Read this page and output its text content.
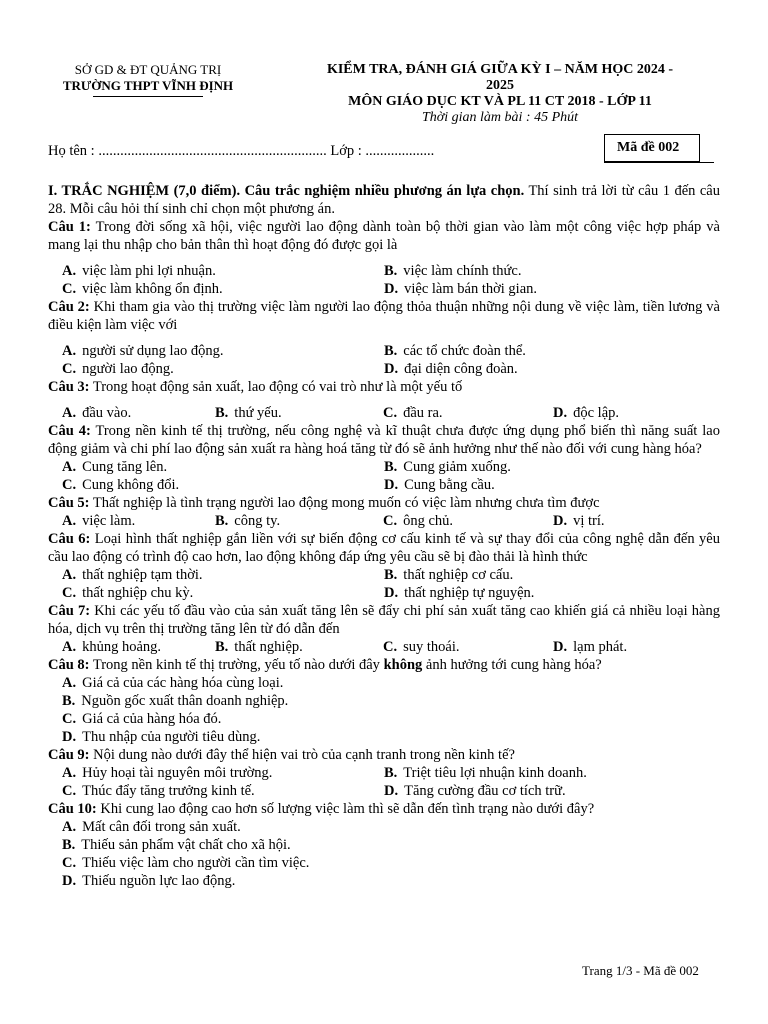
SỞ GD & ĐT QUẢNG TRỊ
TRƯỜNG THPT VĨNH ĐỊNH
KIỂM TRA, ĐÁNH GIÁ GIỮA KỲ I – NĂM HỌC 2024 -
2025
MÔN GIÁO DỤC KT VÀ PL 11 CT 2018 - LỚP 11
Thời gian làm bài : 45 Phút
Họ tên : ............................................................... Lớp : ...................	Mã đề 002
I. TRẮC NGHIỆM (7,0 điểm). Câu trắc nghiệm nhiều phương án lựa chọn. Thí sinh trả lời từ câu 1 đến câu 28. Mỗi câu hỏi thí sinh chỉ chọn một phương án.
Câu 1: Trong đời sống xã hội, việc người lao động dành toàn bộ thời gian vào làm một công việc hợp pháp và mang lại thu nhập cho bản thân thì hoạt động đó được gọi là
A. việc làm phi lợi nhuận.	B. việc làm chính thức.
C. việc làm không ổn định.	D. việc làm bán thời gian.
Câu 2: Khi tham gia vào thị trường việc làm người lao động thỏa thuận những nội dung về việc làm, tiền lương và điều kiện làm việc với
A. người sử dụng lao động.	B. các tổ chức đoàn thể.
C. người lao động.	D. đại diện công đoàn.
Câu 3: Trong hoạt động sản xuất, lao động có vai trò như là một yếu tố
A. đầu vào.	B. thứ yếu.	C. đầu ra.	D. độc lập.
Câu 4: Trong nền kinh tế thị trường, nếu công nghệ và kĩ thuật chưa được ứng dụng phổ biến thì năng suất lao động giảm và chi phí lao động sản xuất ra hàng hoá tăng từ đó sẽ ảnh hưởng như thế nào đối với cung hàng hóa?
A. Cung tăng lên.	B. Cung giảm xuống.
C. Cung không đổi.	D. Cung bằng cầu.
Câu 5: Thất nghiệp là tình trạng người lao động mong muốn có việc làm nhưng chưa tìm được
A. việc làm.	B. công ty.	C. ông chủ.	D. vị trí.
Câu 6: Loại hình thất nghiệp gắn liền với sự biến động cơ cấu kinh tế và sự thay đổi của công nghệ dẫn đến yêu cầu lao động có trình độ cao hơn, lao động không đáp ứng yêu cầu sẽ bị đào thải là hình thức
A. thất nghiệp tạm thời.	B. thất nghiệp cơ cấu.
C. thất nghiệp chu kỳ.	D. thất nghiệp tự nguyện.
Câu 7: Khi các yếu tố đầu vào của sản xuất tăng lên sẽ đẩy chi phí sản xuất tăng cao khiến giá cả nhiều loại hàng hóa, dịch vụ trên thị trường tăng lên từ đó dẫn đến
A. khủng hoảng.	B. thất nghiệp.	C. suy thoái.	D. lạm phát.
Câu 8: Trong nền kinh tế thị trường, yếu tố nào dưới đây không ảnh hưởng tới cung hàng hóa?
A. Giá cả của các hàng hóa cùng loại.
B. Nguồn gốc xuất thân doanh nghiệp.
C. Giá cả của hàng hóa đó.
D. Thu nhập của người tiêu dùng.
Câu 9: Nội dung nào dưới đây thể hiện vai trò của cạnh tranh trong nền kinh tế?
A. Hủy hoại tài nguyên môi trường.	B. Triệt tiêu lợi nhuận kinh doanh.
C. Thúc đẩy tăng trưởng kinh tế.	D. Tăng cường đầu cơ tích trữ.
Câu 10: Khi cung lao động cao hơn số lượng việc làm thì sẽ dẫn đến tình trạng nào dưới đây?
A. Mất cân đối trong sản xuất.
B. Thiếu sản phẩm vật chất cho xã hội.
C. Thiếu việc làm cho người cần tìm việc.
D. Thiếu nguồn lực lao động.
Trang 1/3 - Mã đề 002
